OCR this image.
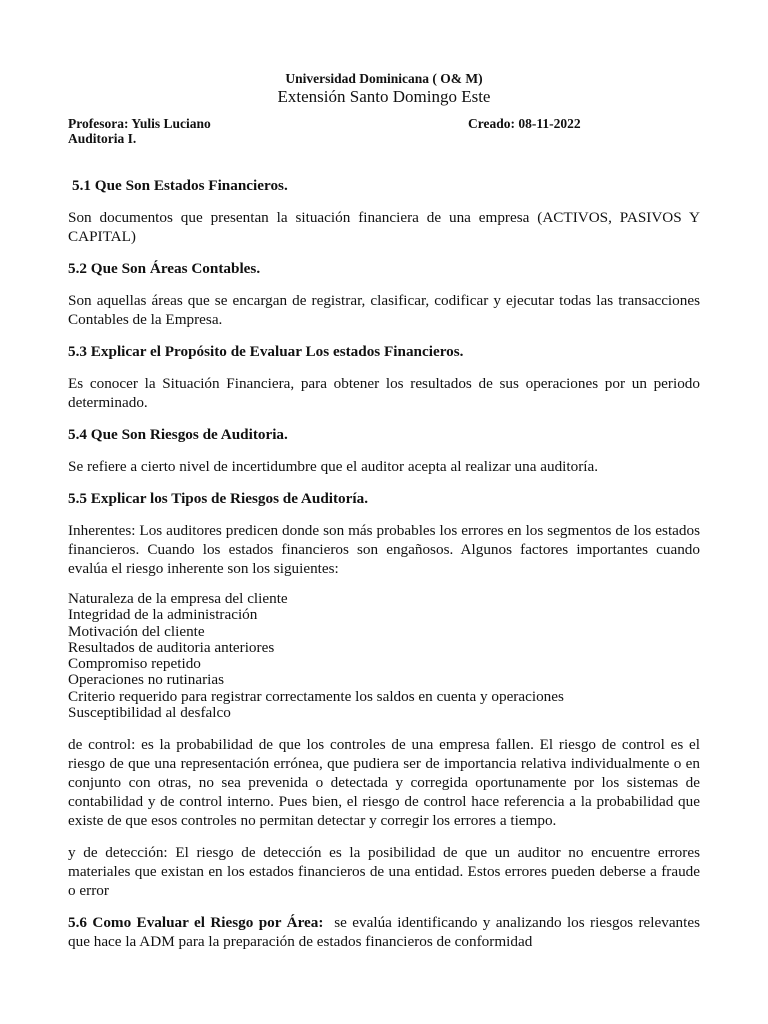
Universidad Dominicana ( O& M)
Extensión Santo Domingo Este
Profesora: Yulis Luciano
Auditoria I.
Creado: 08-11-2022
5.1 Que Son Estados Financieros.

Son documentos que presentan la situación financiera de una empresa (ACTIVOS, PASIVOS Y CAPITAL)

5.2 Que Son Áreas Contables.

Son aquellas áreas que se encargan de registrar, clasificar, codificar y ejecutar todas las transacciones Contables de la Empresa.

5.3 Explicar el Propósito de Evaluar Los estados Financieros.

Es conocer la Situación Financiera, para obtener los resultados de sus operaciones por un periodo determinado.

5.4 Que Son Riesgos de Auditoria.

Se refiere a cierto nivel de incertidumbre que el auditor acepta al realizar una auditoría.

5.5 Explicar los Tipos de Riesgos de Auditoría.

Inherentes: Los auditores predicen donde son más probables los errores en los segmentos de los estados financieros. Cuando los estados financieros son engañosos. Algunos factores importantes cuando evalúa el riesgo inherente son los siguientes:

Naturaleza de la empresa del cliente
Integridad de la administración
Motivación del cliente
Resultados de auditoria anteriores
Compromiso repetido
Operaciones no rutinarias
Criterio requerido para registrar correctamente los saldos en cuenta y operaciones
Susceptibilidad al desfalco

de control: es la probabilidad de que los controles de una empresa fallen. El riesgo de control es el riesgo de que una representación errónea, que pudiera ser de importancia relativa individualmente o en conjunto con otras, no sea prevenida o detectada y corregida oportunamente por los sistemas de contabilidad y de control interno. Pues bien, el riesgo de control hace referencia a la probabilidad que existe de que esos controles no permitan detectar y corregir los errores a tiempo.

y de detección: El riesgo de detección es la posibilidad de que un auditor no encuentre errores materiales que existan en los estados financieros de una entidad. Estos errores pueden deberse a fraude o error

5.6 Como Evaluar el Riesgo por Área: se evalúa identificando y analizando los riesgos relevantes que hace la ADM para la preparación de estados financieros de conformidad
